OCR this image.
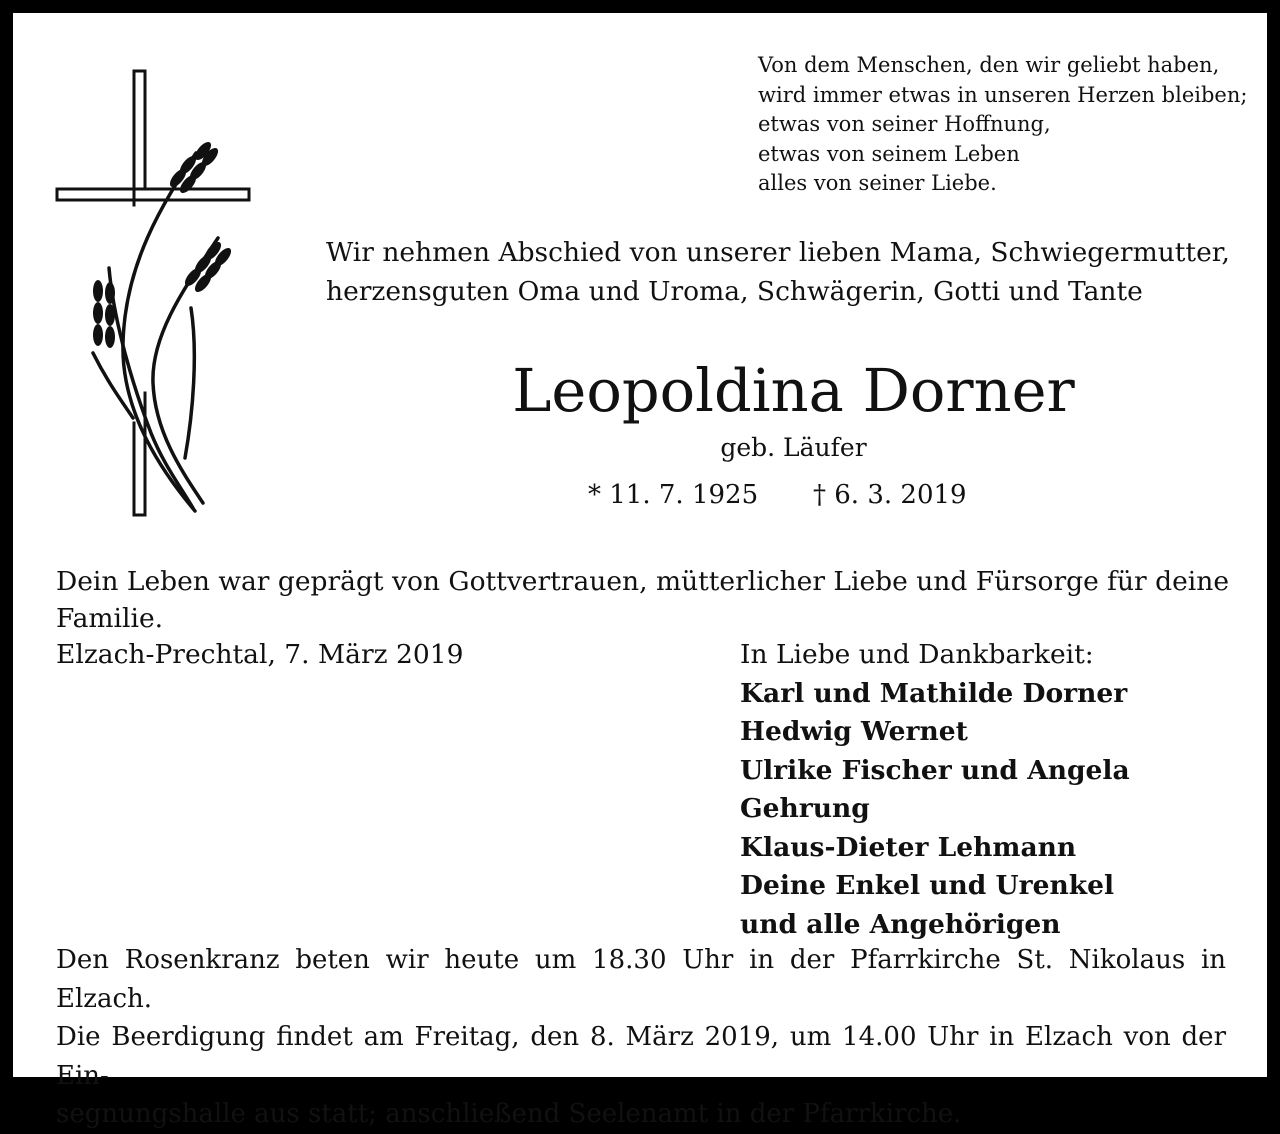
Von dem Menschen, den wir geliebt haben,
wird immer etwas in unseren Herzen bleiben;
etwas von seiner Hoffnung,
etwas von seinem Leben
alles von seiner Liebe.
Wir nehmen Abschied von unserer lieben Mama, Schwiegermutter,
herzensguten Oma und Uroma, Schwägerin, Gotti und Tante
Leopoldina Dorner
geb. Läufer
* 11. 7. 1925 † 6. 3. 2019
Dein Leben war geprägt von Gottvertrauen, mütterlicher Liebe und Fürsorge für deine Familie.
Elzach-Prechtal, 7. März 2019	In Liebe und Dankbarkeit:
Karl und Mathilde Dorner
Hedwig Wernet
Ulrike Fischer und Angela Gehrung
Klaus-Dieter Lehmann
Deine Enkel und Urenkel
und alle Angehörigen
Den Rosenkranz beten wir heute um 18.30 Uhr in der Pfarrkirche St. Nikolaus in Elzach.
Die Beerdigung findet am Freitag, den 8. März 2019, um 14.00 Uhr in Elzach von der Ein-
segnungshalle aus statt; anschließend Seelenamt in der Pfarrkirche.
